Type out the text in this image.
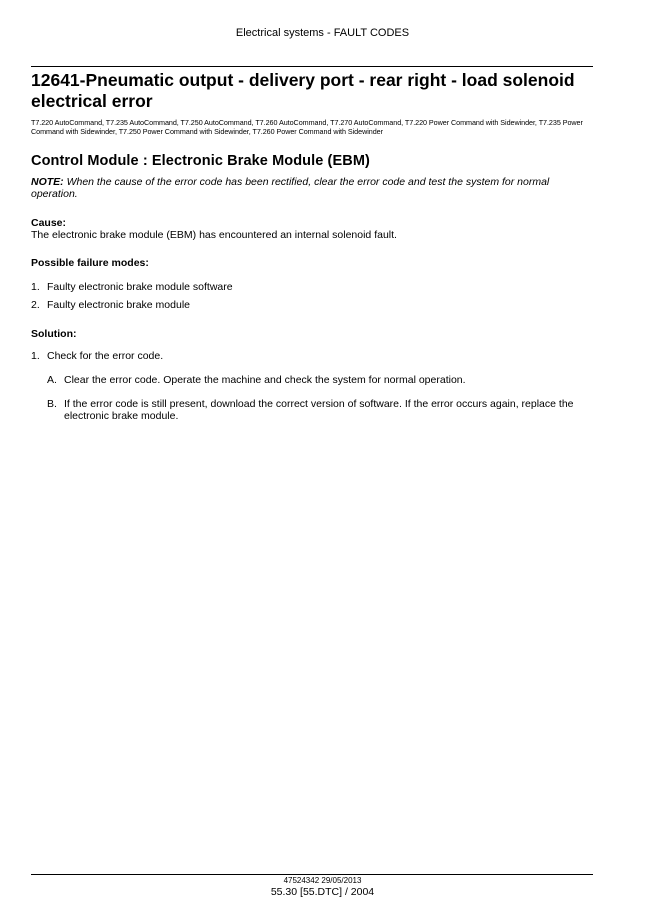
Electrical systems - FAULT CODES
12641-Pneumatic output - delivery port - rear right - load solenoid electrical error
T7.220 AutoCommand, T7.235 AutoCommand, T7.250 AutoCommand, T7.260 AutoCommand, T7.270 AutoCommand, T7.220 Power Command with Sidewinder, T7.235 Power Command with Sidewinder, T7.250 Power Command with Sidewinder, T7.260 Power Command with Sidewinder
Control Module : Electronic Brake Module (EBM)
NOTE: When the cause of the error code has been rectified, clear the error code and test the system for normal operation.
Cause:
The electronic brake module (EBM) has encountered an internal solenoid fault.
Possible failure modes:
1. Faulty electronic brake module software
2. Faulty electronic brake module
Solution:
1. Check for the error code.
A. Clear the error code. Operate the machine and check the system for normal operation.
B. If the error code is still present, download the correct version of software. If the error occurs again, replace the electronic brake module.
47524342 29/05/2013
55.30 [55.DTC] / 2004
